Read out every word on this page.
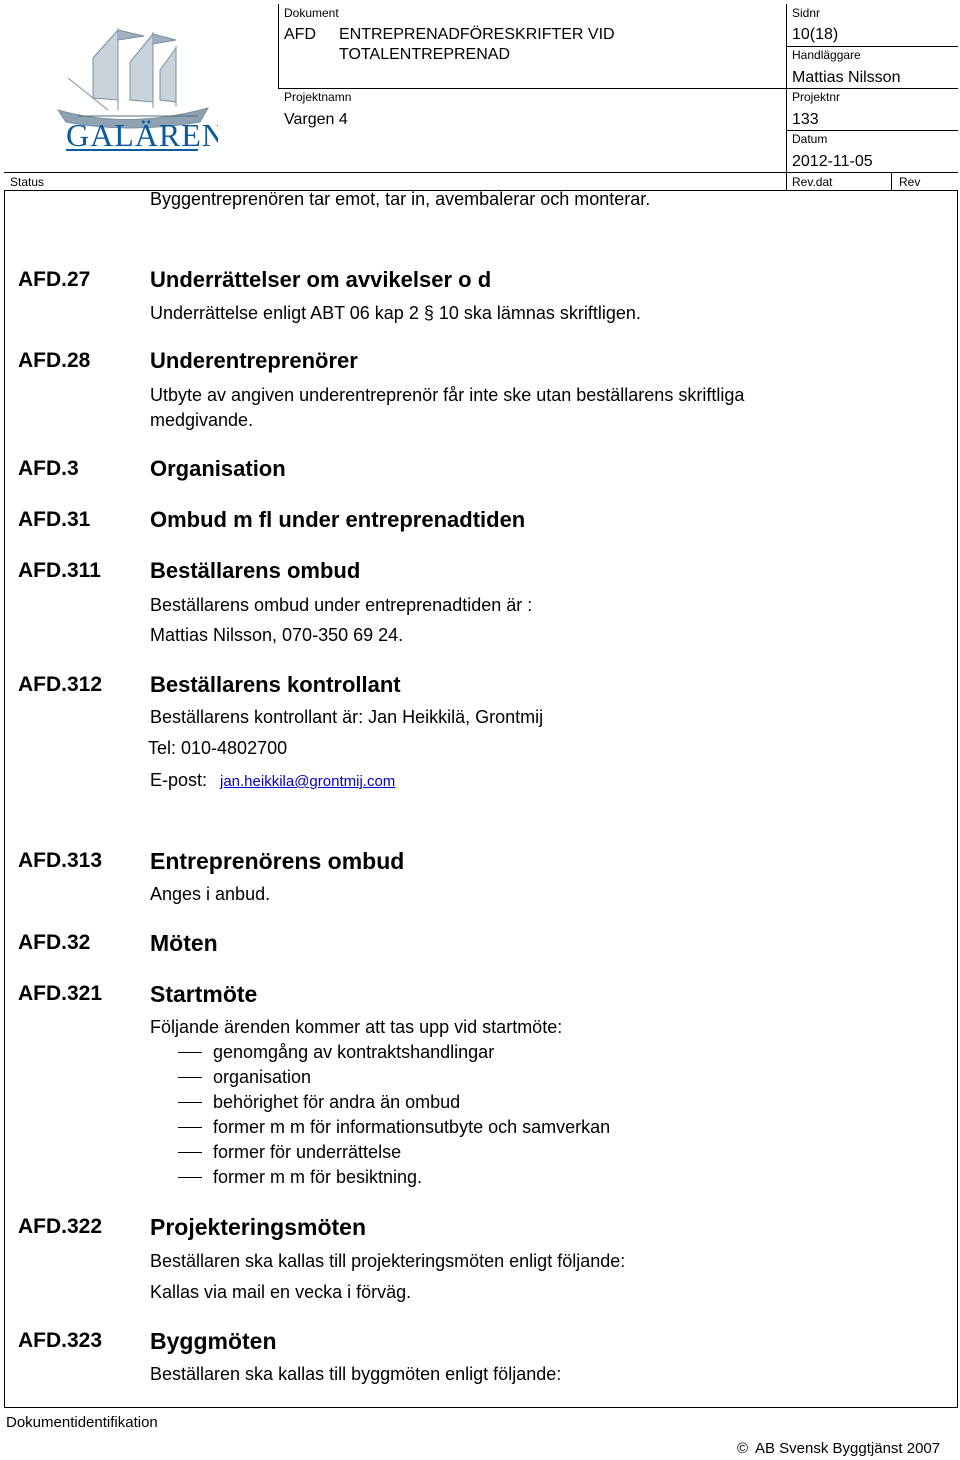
GALÄREN
Dokument
AFD ENTREPRENADFÖRESKRIFTER VID
TOTALENTREPRENAD
Sidnr
10(18)
Handläggare
Mattias Nilsson
Projektnamn
Vargen 4
Projektnr
133
Datum
2012-11-05
Status	Rev.dat	Rev
Byggentreprenören tar emot, tar in, avembalerar och monterar.
AFD.27	Underrättelser om avvikelser o d
Underrättelse enligt ABT 06 kap 2 § 10 ska lämnas skriftligen.
AFD.28	Underentreprenörer
Utbyte av angiven underentreprenör får inte ske utan beställarens skriftliga
medgivande.
AFD.3	Organisation
AFD.31	Ombud m fl under entreprenadtiden
AFD.311 Beställarens ombud
Beställarens ombud under entreprenadtiden är :
Mattias Nilsson, 070-350 69 24.
AFD.312 Beställarens kontrollant
Beställarens kontrollant är: Jan Heikkilä, Grontmij
Tel: 010-4802700
E-post: jan.heikkila@grontmij.com
AFD.313 Entreprenörens ombud
Anges i anbud.
AFD.32	Möten
AFD.321 Startmöte
Följande ärenden kommer att tas upp vid startmöte:
genomgång av kontraktshandlingar
organisation
behörighet för andra än ombud
former m m för informationsutbyte och samverkan
former för underrättelse
former m m för besiktning.
AFD.322 Projekteringsmöten
Beställaren ska kallas till projekteringsmöten enligt följande:
Kallas via mail en vecka i förväg.
AFD.323 Byggmöten
Beställaren ska kallas till byggmöten enligt följande:
Dokumentidentifikation
© AB Svensk Byggtjänst 2007
